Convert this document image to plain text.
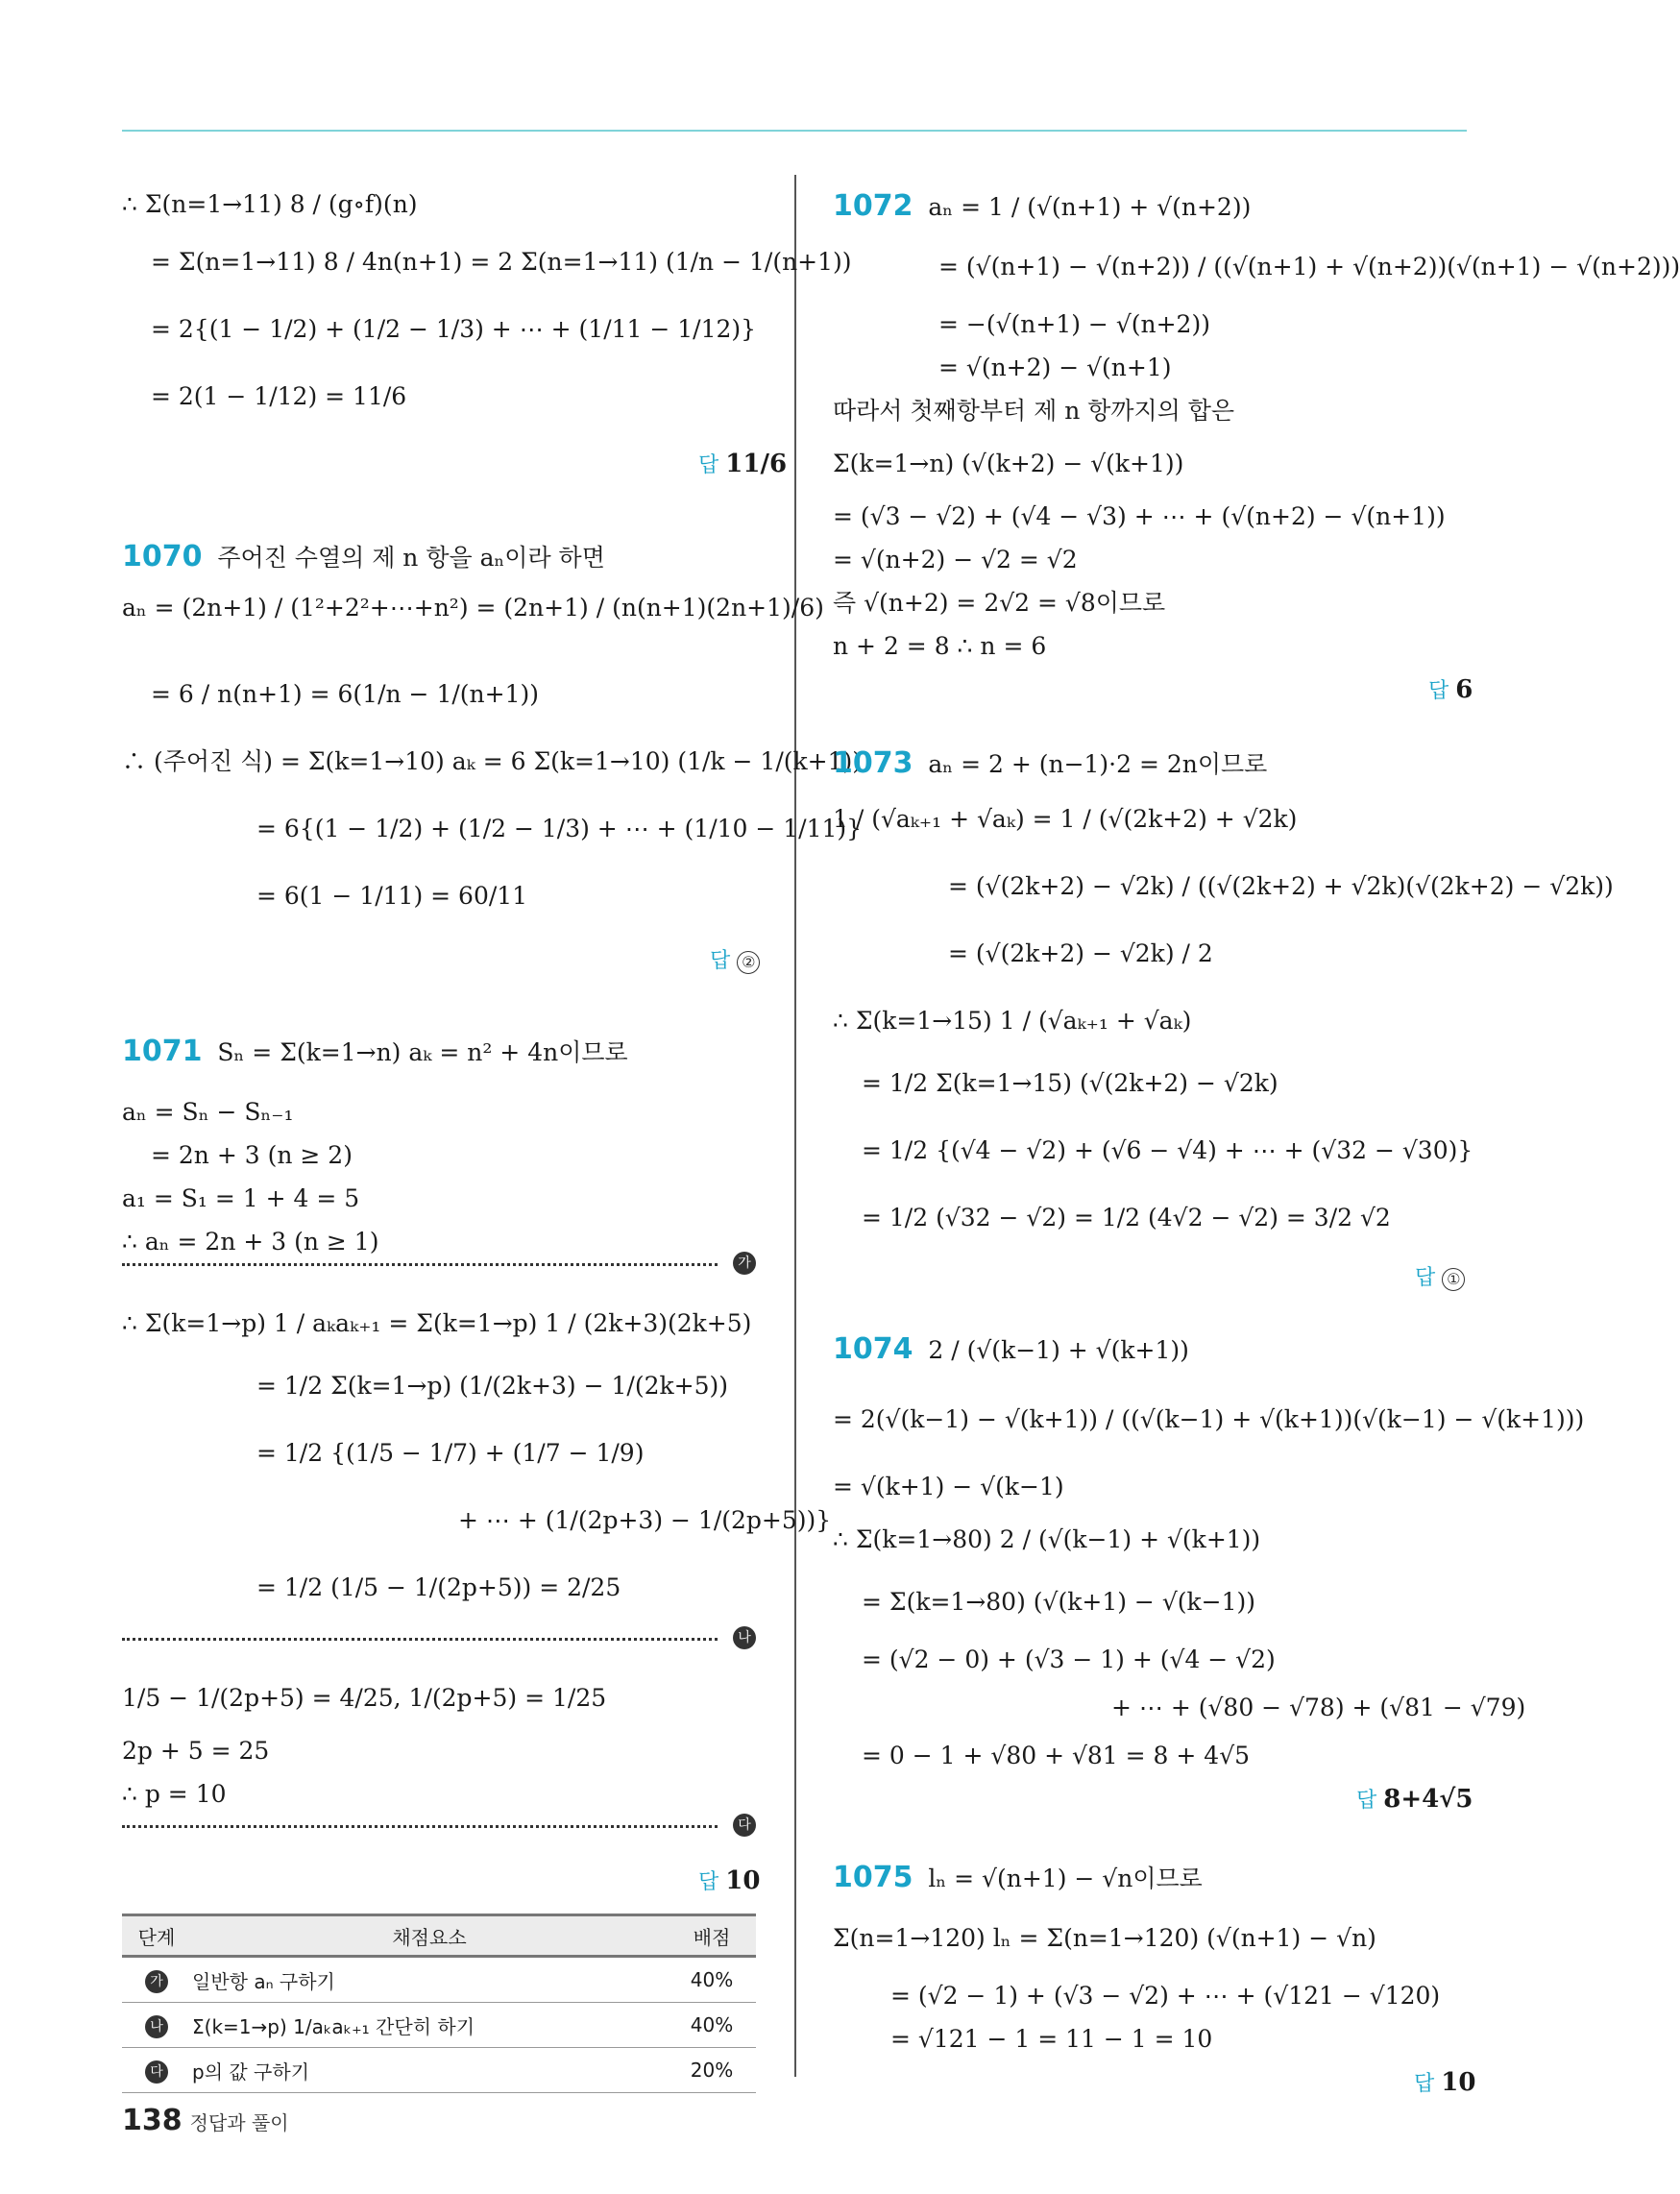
∴ Σ(n=1→11) 8 / (g∘f)(n)
= Σ(n=1→11) 8 / 4n(n+1) = 2 Σ(n=1→11) (1/n − 1/(n+1))
= 2{(1 − 1/2) + (1/2 − 1/3) + ⋯ + (1/11 − 1/12)}
= 2(1 − 1/12) = 11/6
답 11/6
1070 주어진 수열의 제 n 항을 aₙ이라 하면
aₙ = (2n+1) / (1²+2²+⋯+n²) = (2n+1) / (n(n+1)(2n+1)/6)
= 6 / n(n+1) = 6(1/n − 1/(n+1))
∴ (주어진 식) = Σ(k=1→10) aₖ = 6 Σ(k=1→10) (1/k − 1/(k+1))
= 6{(1 − 1/2) + (1/2 − 1/3) + ⋯ + (1/10 − 1/11)}
= 6(1 − 1/11) = 60/11
답 ②
1071 Sₙ = Σ(k=1→n) aₖ = n² + 4n이므로
aₙ = Sₙ − Sₙ₋₁
= 2n + 3 (n ≥ 2)
a₁ = S₁ = 1 + 4 = 5
∴ aₙ = 2n + 3 (n ≥ 1)
가
∴ Σ(k=1→p) 1 / aₖaₖ₊₁ = Σ(k=1→p) 1 / (2k+3)(2k+5)
= 1/2 Σ(k=1→p) (1/(2k+3) − 1/(2k+5))
= 1/2 {(1/5 − 1/7) + (1/7 − 1/9)
+ ⋯ + (1/(2p+3) − 1/(2p+5))}
= 1/2 (1/5 − 1/(2p+5)) = 2/25
나
1/5 − 1/(2p+5) = 4/25, 1/(2p+5) = 1/25
2p + 5 = 25
∴ p = 10
다
답 10
단계	채점요소	배점
가	일반항 aₙ 구하기	40%
나	Σ(k=1→p) 1/aₖaₖ₊₁ 간단히 하기	40%
다	p의 값 구하기	20%
1072 aₙ = 1 / (√(n+1) + √(n+2))
= (√(n+1) − √(n+2)) / ((√(n+1) + √(n+2))(√(n+1) − √(n+2)))
= −(√(n+1) − √(n+2))
= √(n+2) − √(n+1)
따라서 첫째항부터 제 n 항까지의 합은
Σ(k=1→n) (√(k+2) − √(k+1))
= (√3 − √2) + (√4 − √3) + ⋯ + (√(n+2) − √(n+1))
= √(n+2) − √2 = √2
즉 √(n+2) = 2√2 = √8이므로
n + 2 = 8 ∴ n = 6
답 6
1073 aₙ = 2 + (n−1)·2 = 2n이므로
1 / (√aₖ₊₁ + √aₖ) = 1 / (√(2k+2) + √2k)
= (√(2k+2) − √2k) / ((√(2k+2) + √2k)(√(2k+2) − √2k))
= (√(2k+2) − √2k) / 2
∴ Σ(k=1→15) 1 / (√aₖ₊₁ + √aₖ)
= 1/2 Σ(k=1→15) (√(2k+2) − √2k)
= 1/2 {(√4 − √2) + (√6 − √4) + ⋯ + (√32 − √30)}
= 1/2 (√32 − √2) = 1/2 (4√2 − √2) = 3/2 √2
답 ①
1074 2 / (√(k−1) + √(k+1))
= 2(√(k−1) − √(k+1)) / ((√(k−1) + √(k+1))(√(k−1) − √(k+1)))
= √(k+1) − √(k−1)
∴ Σ(k=1→80) 2 / (√(k−1) + √(k+1))
= Σ(k=1→80) (√(k+1) − √(k−1))
= (√2 − 0) + (√3 − 1) + (√4 − √2)
+ ⋯ + (√80 − √78) + (√81 − √79)
= 0 − 1 + √80 + √81 = 8 + 4√5
답 8+4√5
1075 lₙ = √(n+1) − √n이므로
Σ(n=1→120) lₙ = Σ(n=1→120) (√(n+1) − √n)
= (√2 − 1) + (√3 − √2) + ⋯ + (√121 − √120)
= √121 − 1 = 11 − 1 = 10
답 10
138 정답과 풀이
